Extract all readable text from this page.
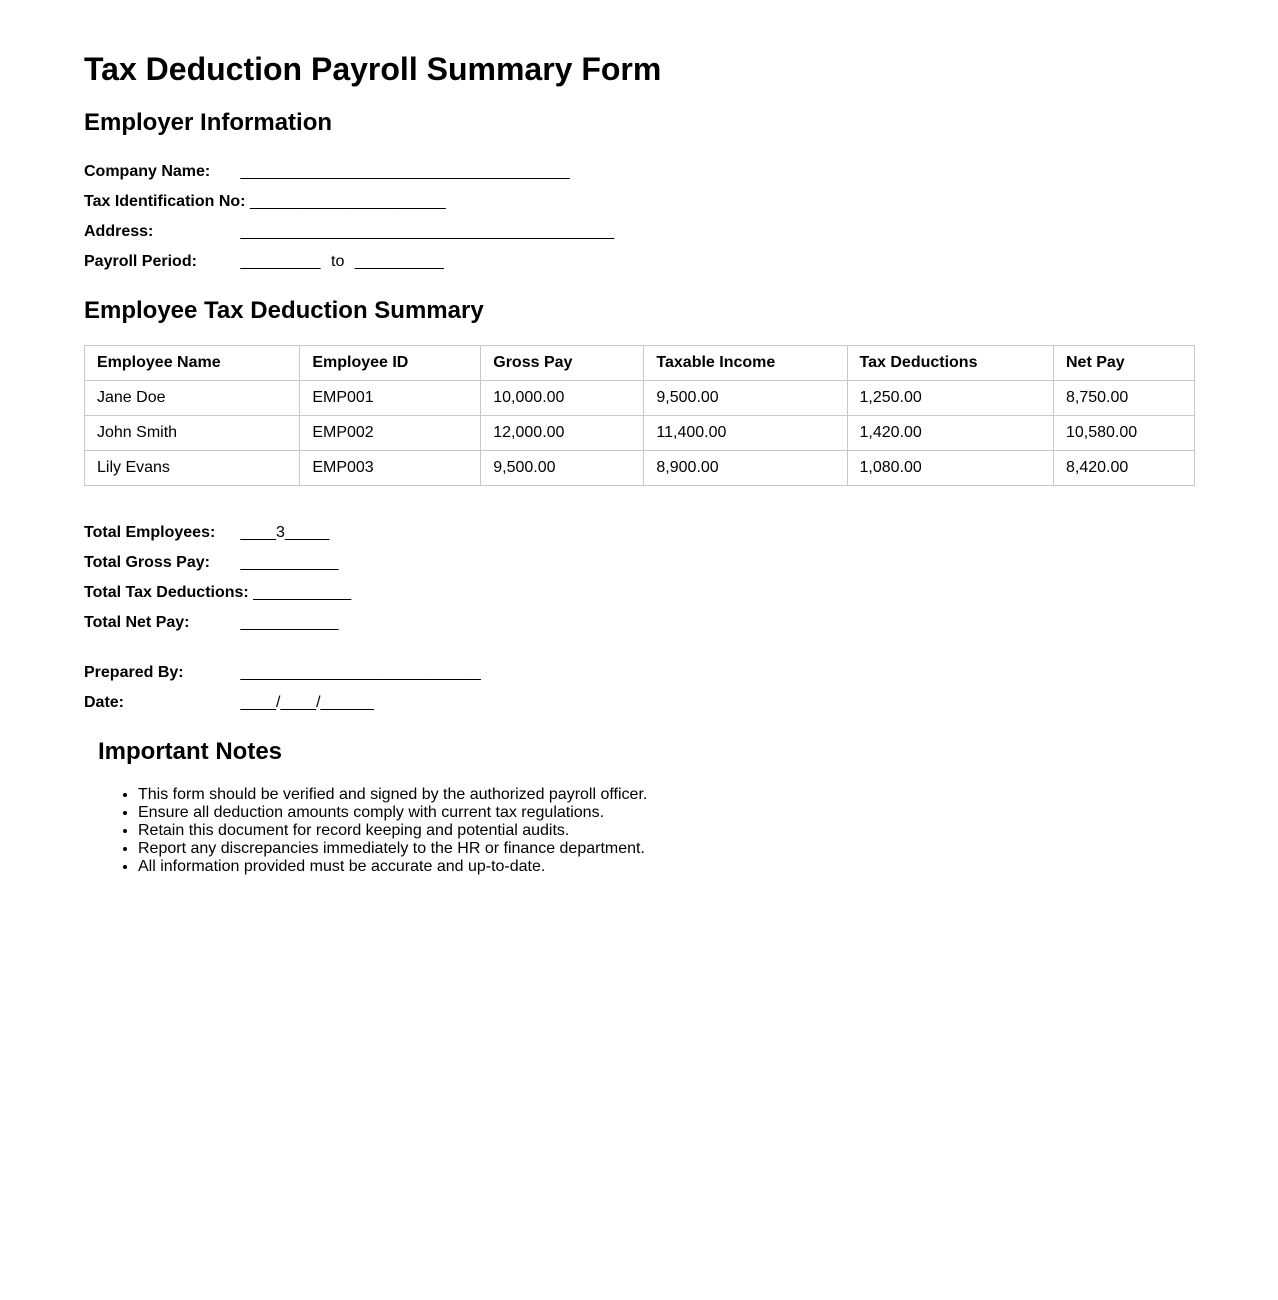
Tax Deduction Payroll Summary Form
Employer Information
Company Name: _____________________________________
Tax Identification No: ______________________
Address:	__________________________________________
Payroll Period:	_________ to __________
Employee Tax Deduction Summary
Employee Name	Employee ID	Gross Pay	Taxable Income	Tax Deductions	Net Pay
Jane Doe	EMP001	10,000.00	9,500.00	1,250.00	8,750.00
John Smith	EMP002	12,000.00	11,400.00	1,420.00	10,580.00
Lily Evans	EMP003	9,500.00	8,900.00	1,080.00	8,420.00
Total Employees: ____3_____
Total Gross Pay: ___________
Total Tax Deductions: ___________
Total Net Pay:	___________
Prepared By:	___________________________
Date:	____/____/______
Important Notes
• This form should be verified and signed by the authorized payroll officer.
• Ensure all deduction amounts comply with current tax regulations.
• Retain this document for record keeping and potential audits.
• Report any discrepancies immediately to the HR or finance department.
• All information provided must be accurate and up-to-date.
